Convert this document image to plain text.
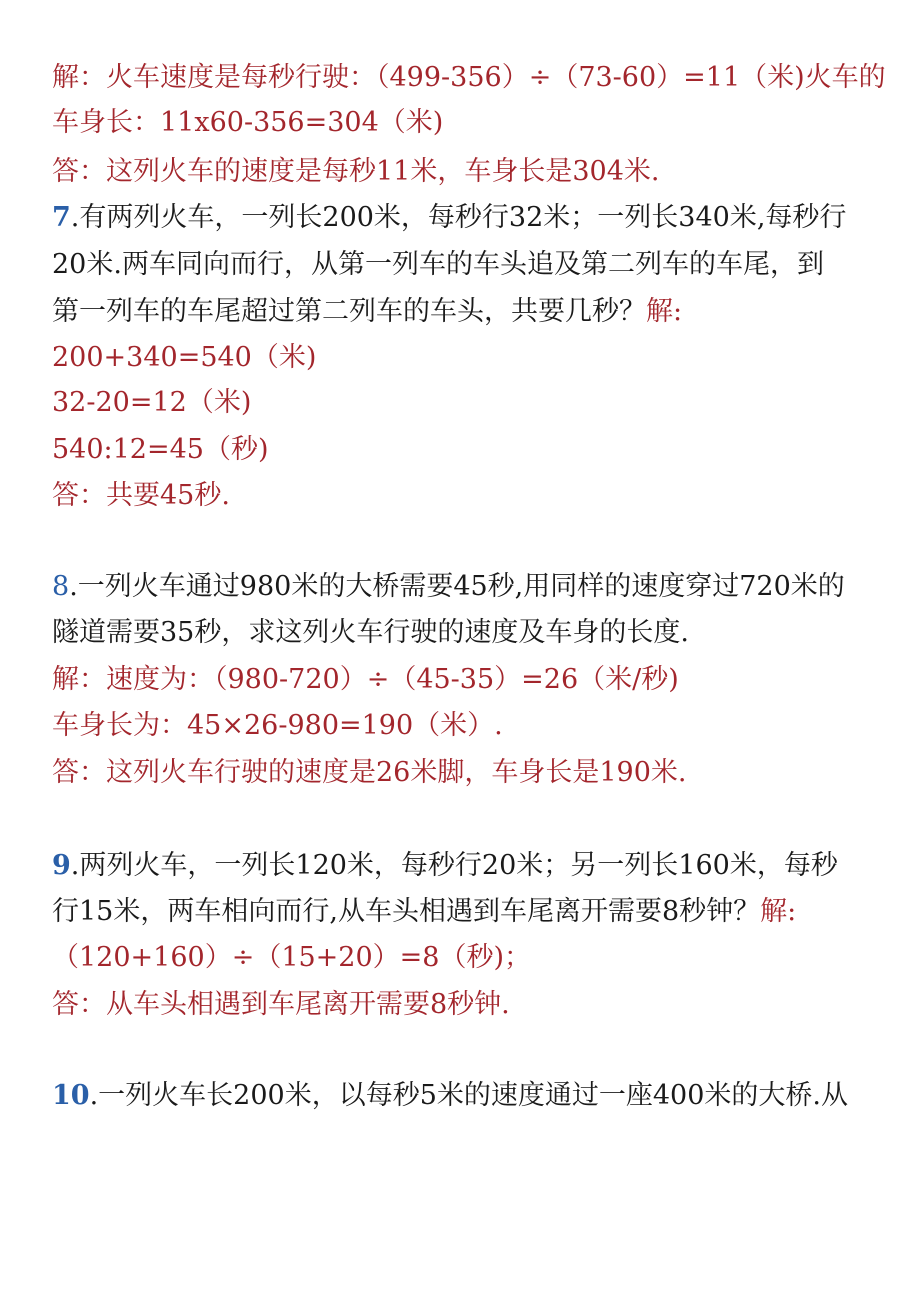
解：火车速度是每秒行驶：（499-356）÷（73-60）=11（米)火车的
车身长：11x60-356=304（米)
答：这列火车的速度是每秒11米，车身长是304米.
7.有两列火车，一列长200米，每秒行32米；一列长340米,每秒行
20米.两车同向而行，从第一列车的车头追及第二列车的车尾，到
第一列车的车尾超过第二列车的车头，共要几秒？解:
200+340=540（米)
32-20=12（米)
540:12=45（秒)
答：共要45秒.
8.一列火车通过980米的大桥需要45秒,用同样的速度穿过720米的
隧道需要35秒，求这列火车行驶的速度及车身的长度.
解：速度为：（980-720）÷（45-35）=26（米/秒)
车身长为：45×26-980=190（米）.
答：这列火车行驶的速度是26米脚，车身长是190米.
9.两列火车，一列长120米，每秒行20米；另一列长160米，每秒
行15米，两车相向而行,从车头相遇到车尾离开需要8秒钟？解:
（120+160）÷（15+20）=8（秒)；
答：从车头相遇到车尾离开需要8秒钟.
10.一列火车长200米，以每秒5米的速度通过一座400米的大桥.从
